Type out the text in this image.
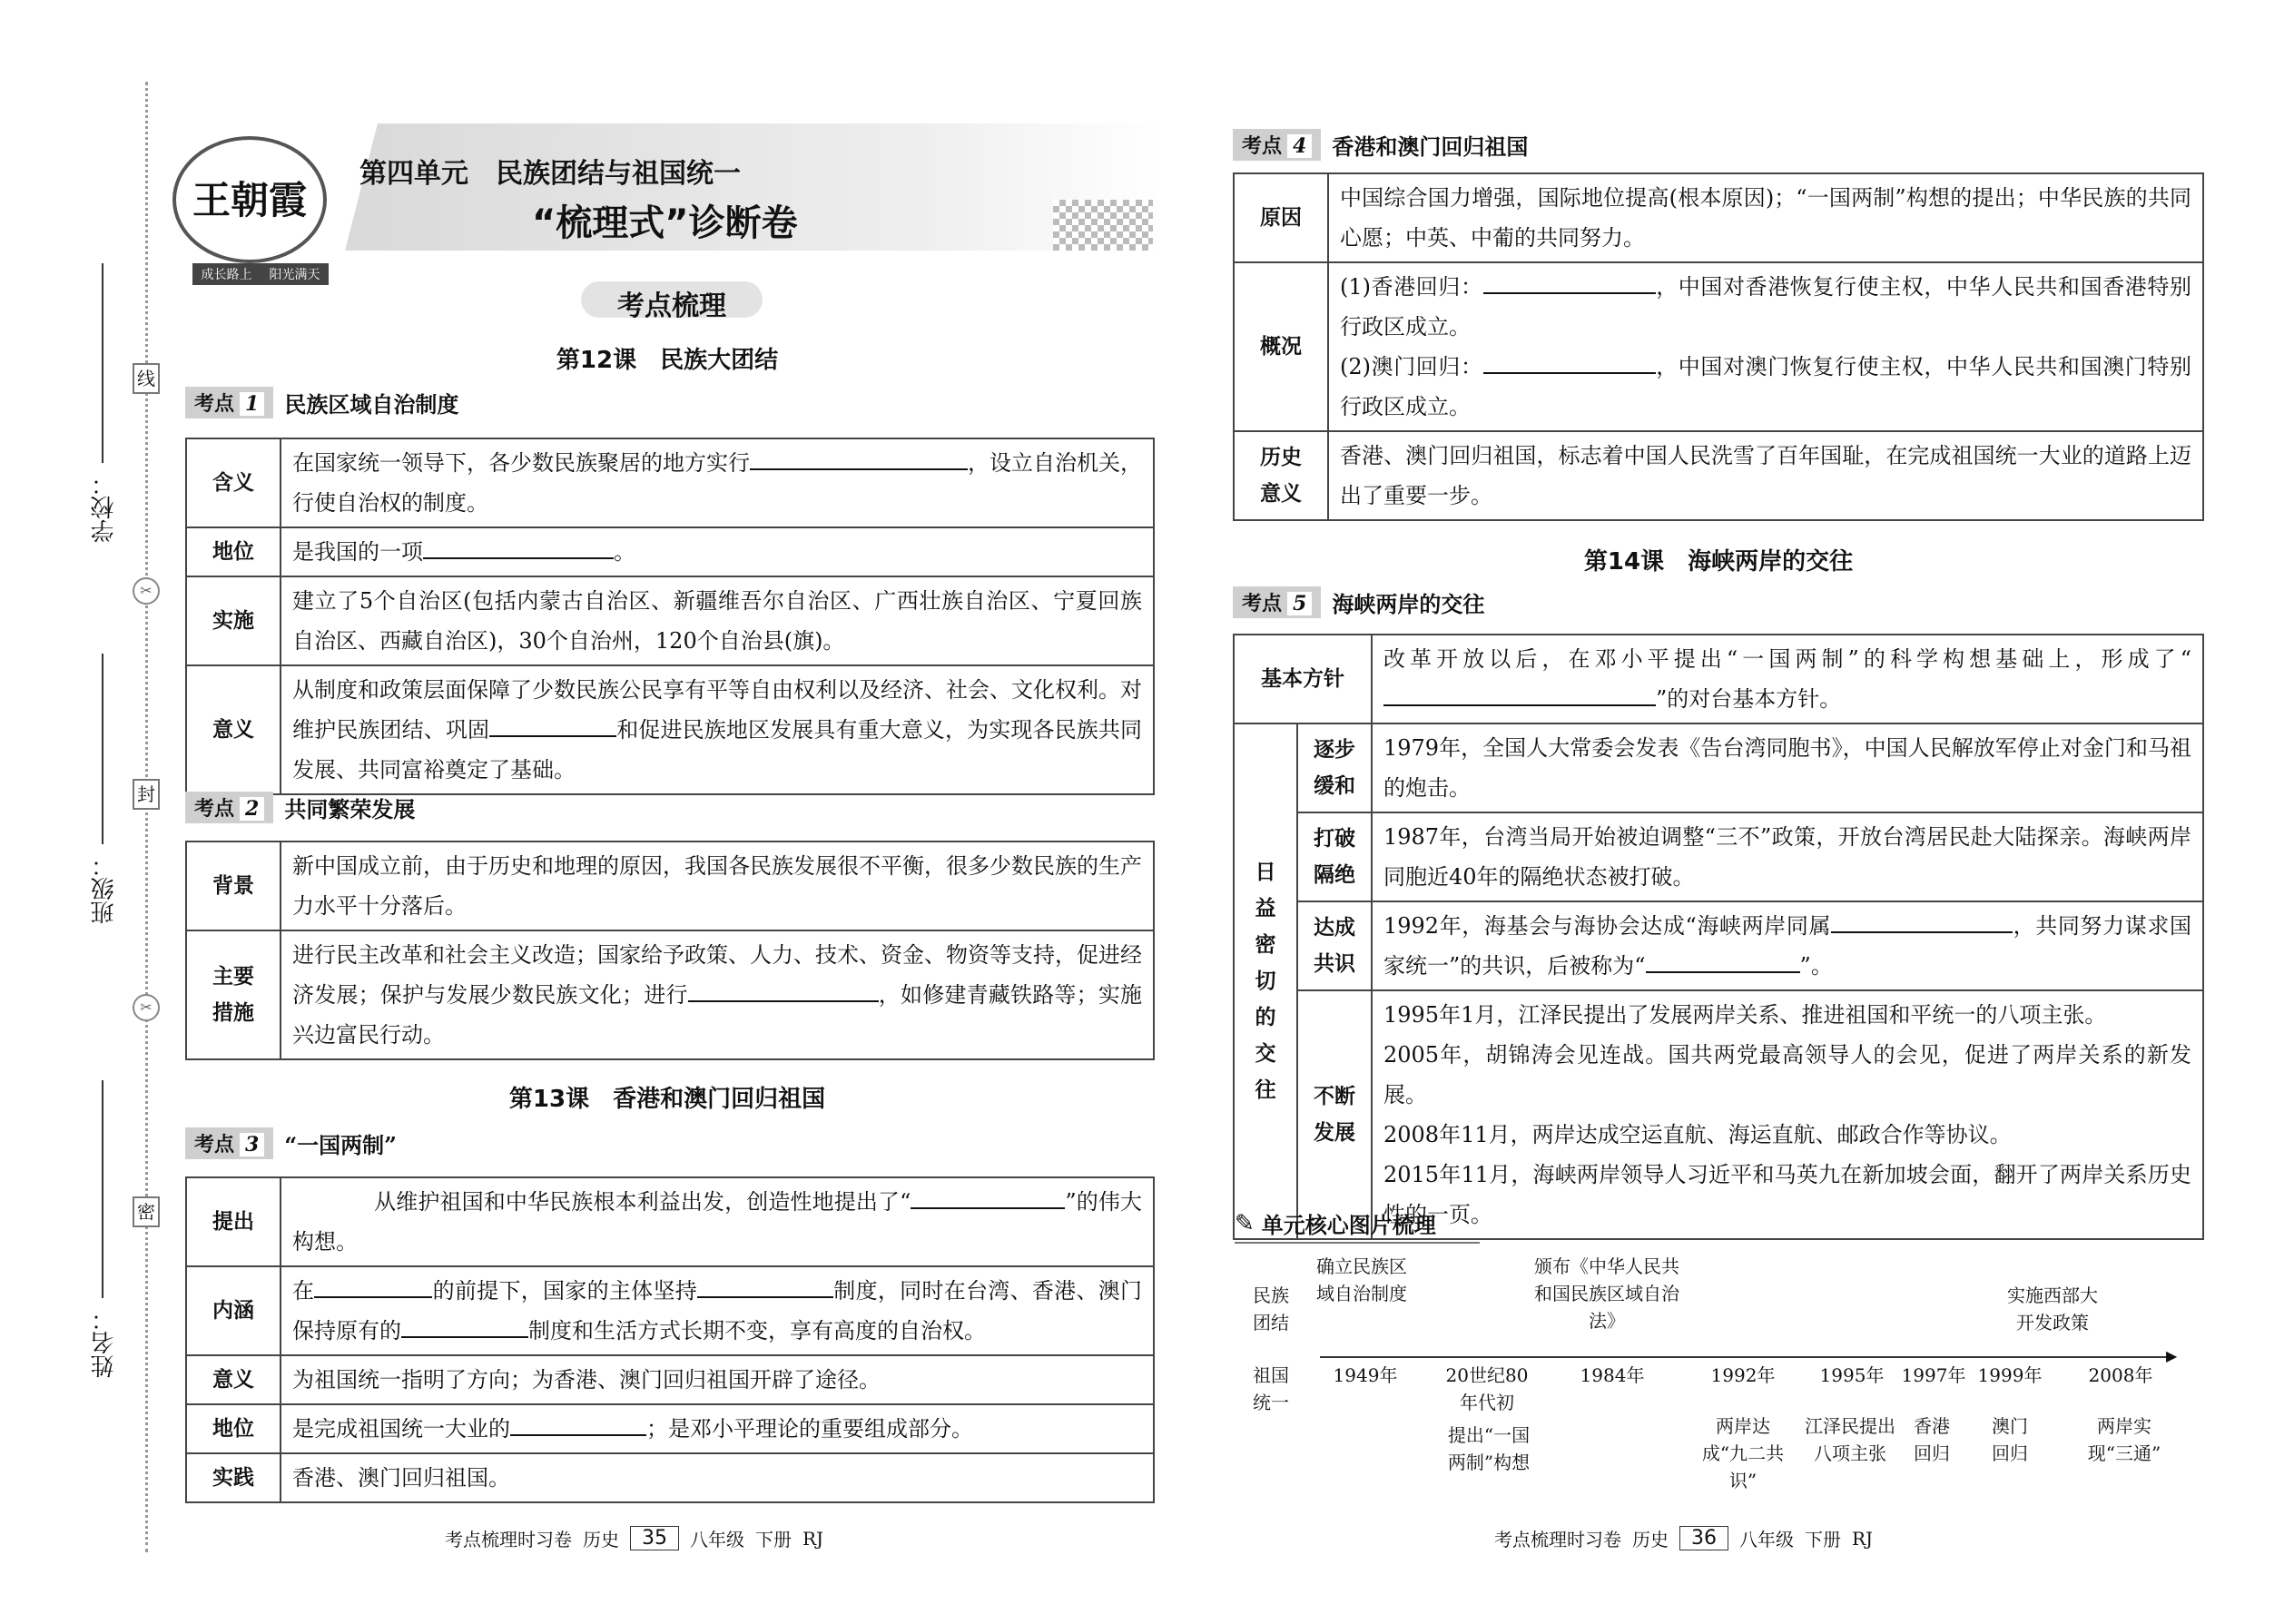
学校：
班级：
姓名：
线
封
密
✂
✂
王朝霞
成长路上 阳光满天
第四单元　民族团结与祖国统一
“梳理式”诊断卷
考点梳理
第12课　民族大团结
考点 1	民族区域自治制度
含义	在国家统一领导下，各少数民族聚居的地方实行 ，设立自治机关，行使自治权的制度。
地位	是我国的一项 。
实施	建立了5个自治区(包括内蒙古自治区、新疆维吾尔自治区、广西壮族自治区、宁夏回族自治区、西藏自治区)，30个自治州，120个自治县(旗)。
意义	从制度和政策层面保障了少数民族公民享有平等自由权利以及经济、社会、文化权利。对维护民族团结、巩固 和促进民族地区发展具有重大意义，为实现各民族共同发展、共同富裕奠定了基础。
考点 2	共同繁荣发展
背景	新中国成立前，由于历史和地理的原因，我国各民族发展很不平衡，很多少数民族的生产力水平十分落后。
主要措施	进行民主改革和社会主义改造；国家给予政策、人力、技术、资金、物资等支持，促进经济发展；保护与发展少数民族文化；进行 ，如修建青藏铁路等；实施兴边富民行动。
第13课　香港和澳门回归祖国
考点 3	“一国两制”
提出	从维护祖国和中华民族根本利益出发，创造性地提出了“ ”的伟大构想。
内涵	在 的前提下，国家的主体坚持 制度，同时在台湾、香港、澳门保持原有的 制度和生活方式长期不变，享有高度的自治权。
意义	为祖国统一指明了方向；为香港、澳门回归祖国开辟了途径。
地位	是完成祖国统一大业的 ；是邓小平理论的重要组成部分。
实践	香港、澳门回归祖国。
考点梳理时习卷 历史	35	八年级 下册 RJ
考点 4	香港和澳门回归祖国
原因	中国综合国力增强，国际地位提高(根本原因)；“一国两制”构想的提出；中华民族的共同心愿；中英、中葡的共同努力。
概况	(1)香港回归： ，中国对香港恢复行使主权，中华人民共和国香港特别行政区成立。
(2)澳门回归： ，中国对澳门恢复行使主权，中华人民共和国澳门特别行政区成立。

历史意义	香港、澳门回归祖国，标志着中国人民洗雪了百年国耻，在完成祖国统一大业的道路上迈出了重要一步。
第14课　海峡两岸的交往
考点 5	海峡两岸的交往
基本方针		改革开放以后，在邓小平提出“一国两制”的科学构想基础上，形成了“”的对台基本方针。
日益密切的交往	逐步缓和	1979年，全国人大常委会发表《告台湾同胞书》，中国人民解放军停止对金门和马祖的炮击。
	打破隔绝	1987年，台湾当局开始被迫调整“三不”政策，开放台湾居民赴大陆探亲。海峡两岸同胞近40年的隔绝状态被打破。
	达成共识	1992年，海基会与海协会达成“海峡两岸同属 ，共同努力谋求国家统一”的共识，后被称为“ ”。
	不断发展	1995年1月，江泽民提出了发展两岸关系、推进祖国和平统一的八项主张。
2005年，胡锦涛会见连战。国共两党最高领导人的会见，促进了两岸关系的新发展。
2008年11月，两岸达成空运直航、海运直航、邮政合作等协议。
2015年11月，海峡两岸领导人习近平和马英九在新加坡会面，翻开了两岸关系历史性的一页。
✎ 单元核心图片梳理
民族团结
祖国统一
▶
确立民族区域自治制度
颁布《中华人民共和国民族区域自治法》
实施西部大开发政策
1949年	20世纪80年代初
1984年	1992年 1995年 1997年 1999年	2008年
提出“一国两制”构想
两岸达成“九二共识”
江泽民提出八项主张
香港回归
澳门回归
两岸实现“三通”
考点梳理时习卷 历史	36	八年级 下册 RJ
